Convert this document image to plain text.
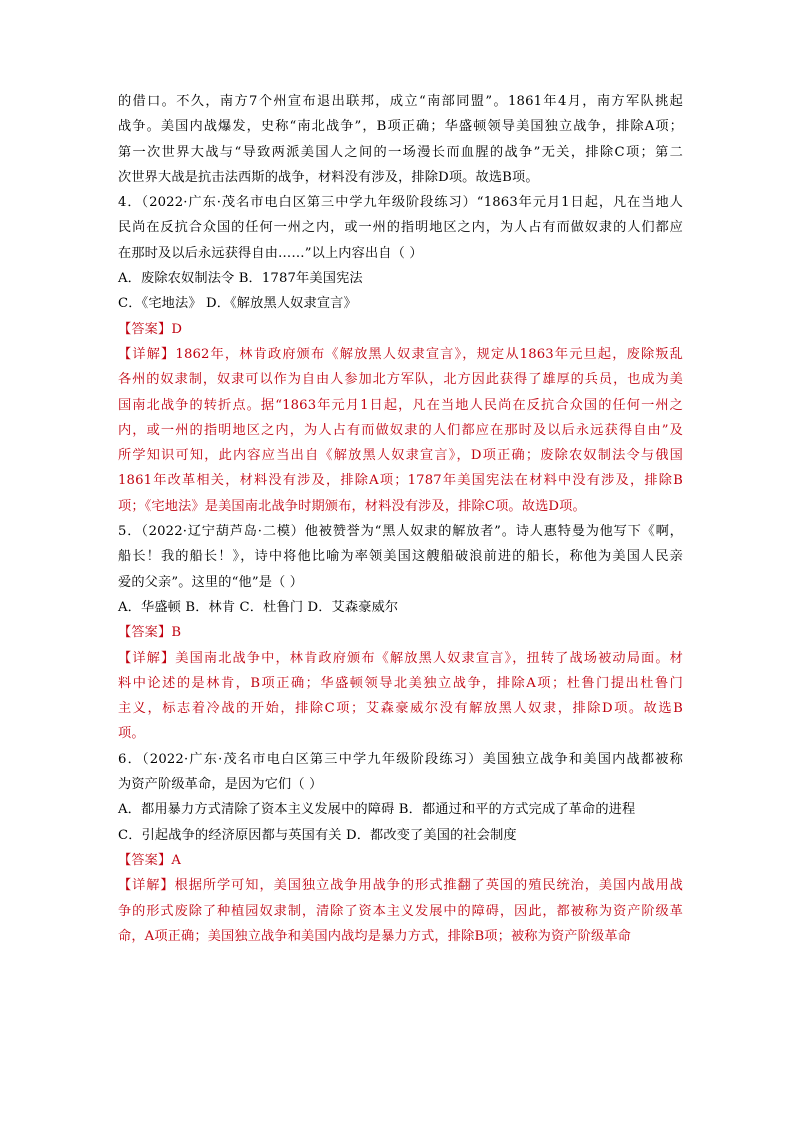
的借口。不久，南方7个州宣布退出联邦，成立“南部同盟”。1861年4月，南方军队挑起
战争。美国内战爆发，史称“南北战争”，B项正确；华盛顿领导美国独立战争，排除A项；
第一次世界大战与“导致两派美国人之间的一场漫长而血腥的战争”无关，排除C项；第二
次世界大战是抗击法西斯的战争，材料没有涉及，排除D项。故选B项。
4．（2022·广东·茂名市电白区第三中学九年级阶段练习）“1863年元月1日起，凡在当地人
民尚在反抗合众国的任何一州之内，或一州的指明地区之内，为人占有而做奴隶的人们都应
在那时及以后永远获得自由……”以上内容出自（ ）
A．废除农奴制法令 B．1787年美国宪法
C．《宅地法》 D．《解放黑人奴隶宣言》
【答案】D
【详解】1862年，林肯政府颁布《解放黑人奴隶宣言》，规定从1863年元旦起，废除叛乱
各州的奴隶制，奴隶可以作为自由人参加北方军队，北方因此获得了雄厚的兵员，也成为美
国南北战争的转折点。据“1863年元月1日起，凡在当地人民尚在反抗合众国的任何一州之
内，或一州的指明地区之内，为人占有而做奴隶的人们都应在那时及以后永远获得自由”及
所学知识可知，此内容应当出自《解放黑人奴隶宣言》，D项正确；废除农奴制法令与俄国
1861年改革相关，材料没有涉及，排除A项；1787年美国宪法在材料中没有涉及，排除B
项；《宅地法》是美国南北战争时期颁布，材料没有涉及，排除C项。故选D项。
5．（2022·辽宁葫芦岛·二模）他被赞誉为“黑人奴隶的解放者”。诗人惠特曼为他写下《啊，
船长！我的船长！》，诗中将他比喻为率领美国这艘船破浪前进的船长，称他为美国人民亲
爱的父亲”。这里的“他”是（ ）
A．华盛顿 B．林肯 C．杜鲁门 D．艾森豪威尔
【答案】B
【详解】美国南北战争中，林肯政府颁布《解放黑人奴隶宣言》，扭转了战场被动局面。材
料中论述的是林肯，B项正确；华盛顿领导北美独立战争，排除A项；杜鲁门提出杜鲁门
主义，标志着冷战的开始，排除C项；艾森豪威尔没有解放黑人奴隶，排除D项。故选B
项。
6．（2022·广东·茂名市电白区第三中学九年级阶段练习）美国独立战争和美国内战都被称
为资产阶级革命，是因为它们（ ）
A．都用暴力方式清除了资本主义发展中的障碍 B．都通过和平的方式完成了革命的进程
C．引起战争的经济原因都与英国有关 D．都改变了美国的社会制度
【答案】A
【详解】根据所学可知，美国独立战争用战争的形式推翻了英国的殖民统治，美国内战用战
争的形式废除了种植园奴隶制，清除了资本主义发展中的障碍，因此，都被称为资产阶级革
命，A项正确；美国独立战争和美国内战均是暴力方式，排除B项；被称为资产阶级革命
